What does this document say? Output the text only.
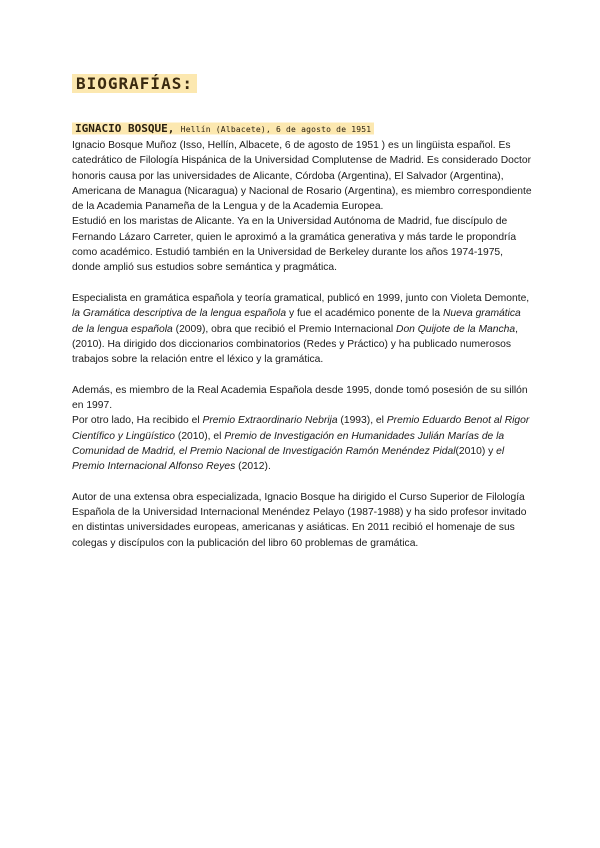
BIOGRAFÍAS:
IGNACIO BOSQUE, Hellín (Albacete), 6 de agosto de 1951

Ignacio Bosque Muñoz (Isso, Hellín, Albacete, 6 de agosto de 1951 ) es un lingüista español. Es catedrático de Filología Hispánica de la Universidad Complutense de Madrid. Es considerado Doctor honoris causa por las universidades de Alicante, Córdoba (Argentina), El Salvador (Argentina), Americana de Managua (Nicaragua) y Nacional de Rosario (Argentina), es miembro correspondiente de la Academia Panameña de la Lengua y de la Academia Europea.

Estudió en los maristas de Alicante. Ya en la Universidad Autónoma de Madrid, fue discípulo de Fernando Lázaro Carreter, quien le aproximó a la gramática generativa y más tarde le propondría como académico. Estudió también en la Universidad de Berkeley durante los años 1974-1975, donde amplió sus estudios sobre semántica y pragmática.

Especialista en gramática española y teoría gramatical, publicó en 1999, junto con Violeta Demonte, la Gramática descriptiva de la lengua española y fue el académico ponente de la Nueva gramática de la lengua española (2009), obra que recibió el Premio Internacional Don Quijote de la Mancha, (2010). Ha dirigido dos diccionarios combinatorios (Redes y Práctico) y ha publicado numerosos trabajos sobre la relación entre el léxico y la gramática.

Además, es miembro de la Real Academia Española desde 1995, donde tomó posesión de su sillón en 1997.

Por otro lado, Ha recibido el Premio Extraordinario Nebrija (1993), el Premio Eduardo Benot al Rigor Científico y Lingüístico (2010), el Premio de Investigación en Humanidades Julián Marías de la Comunidad de Madrid, el Premio Nacional de Investigación Ramón Menéndez Pidal(2010) y el Premio Internacional Alfonso Reyes (2012).

Autor de una extensa obra especializada, Ignacio Bosque ha dirigido el Curso Superior de Filología Española de la Universidad Internacional Menéndez Pelayo (1987-1988) y ha sido profesor invitado en distintas universidades europeas, americanas y asiáticas. En 2011 recibió el homenaje de sus colegas y discípulos con la publicación del libro 60 problemas de gramática.
